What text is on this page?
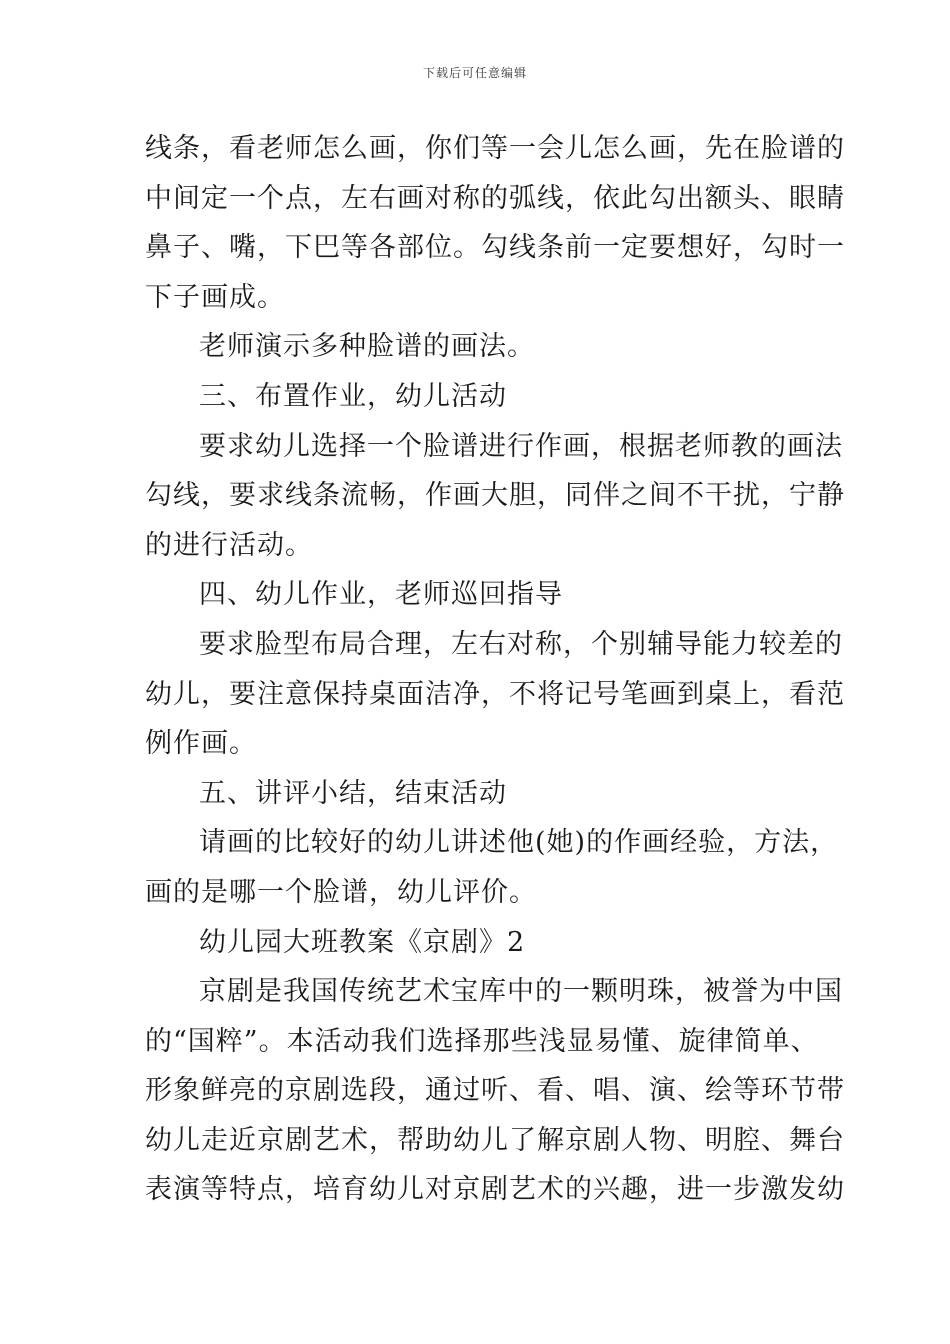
下载后可任意编辑

线条，看老师怎么画，你们等一会儿怎么画，先在脸谱的
中间定一个点，左右画对称的弧线，依此勾出额头、眼睛
鼻子、嘴，下巴等各部位。勾线条前一定要想好，勾时一
下子画成。

老师演示多种脸谱的画法。

三、布置作业，幼儿活动

要求幼儿选择一个脸谱进行作画，根据老师教的画法
勾线，要求线条流畅，作画大胆，同伴之间不干扰，宁静
的进行活动。

四、幼儿作业，老师巡回指导

要求脸型布局合理，左右对称，个别辅导能力较差的
幼儿，要注意保持桌面洁净，不将记号笔画到桌上，看范
例作画。

五、讲评小结，结束活动

请画的比较好的幼儿讲述他(她)的作画经验，方法，
画的是哪一个脸谱，幼儿评价。

幼儿园大班教案《京剧》2

京剧是我国传统艺术宝库中的一颗明珠，被誉为中国
的“国粹”。本活动我们选择那些浅显易懂、旋律简单、
形象鲜亮的京剧选段，通过听、看、唱、演、绘等环节带
幼儿走近京剧艺术，帮助幼儿了解京剧人物、明腔、舞台
表演等特点，培育幼儿对京剧艺术的兴趣，进一步激发幼
